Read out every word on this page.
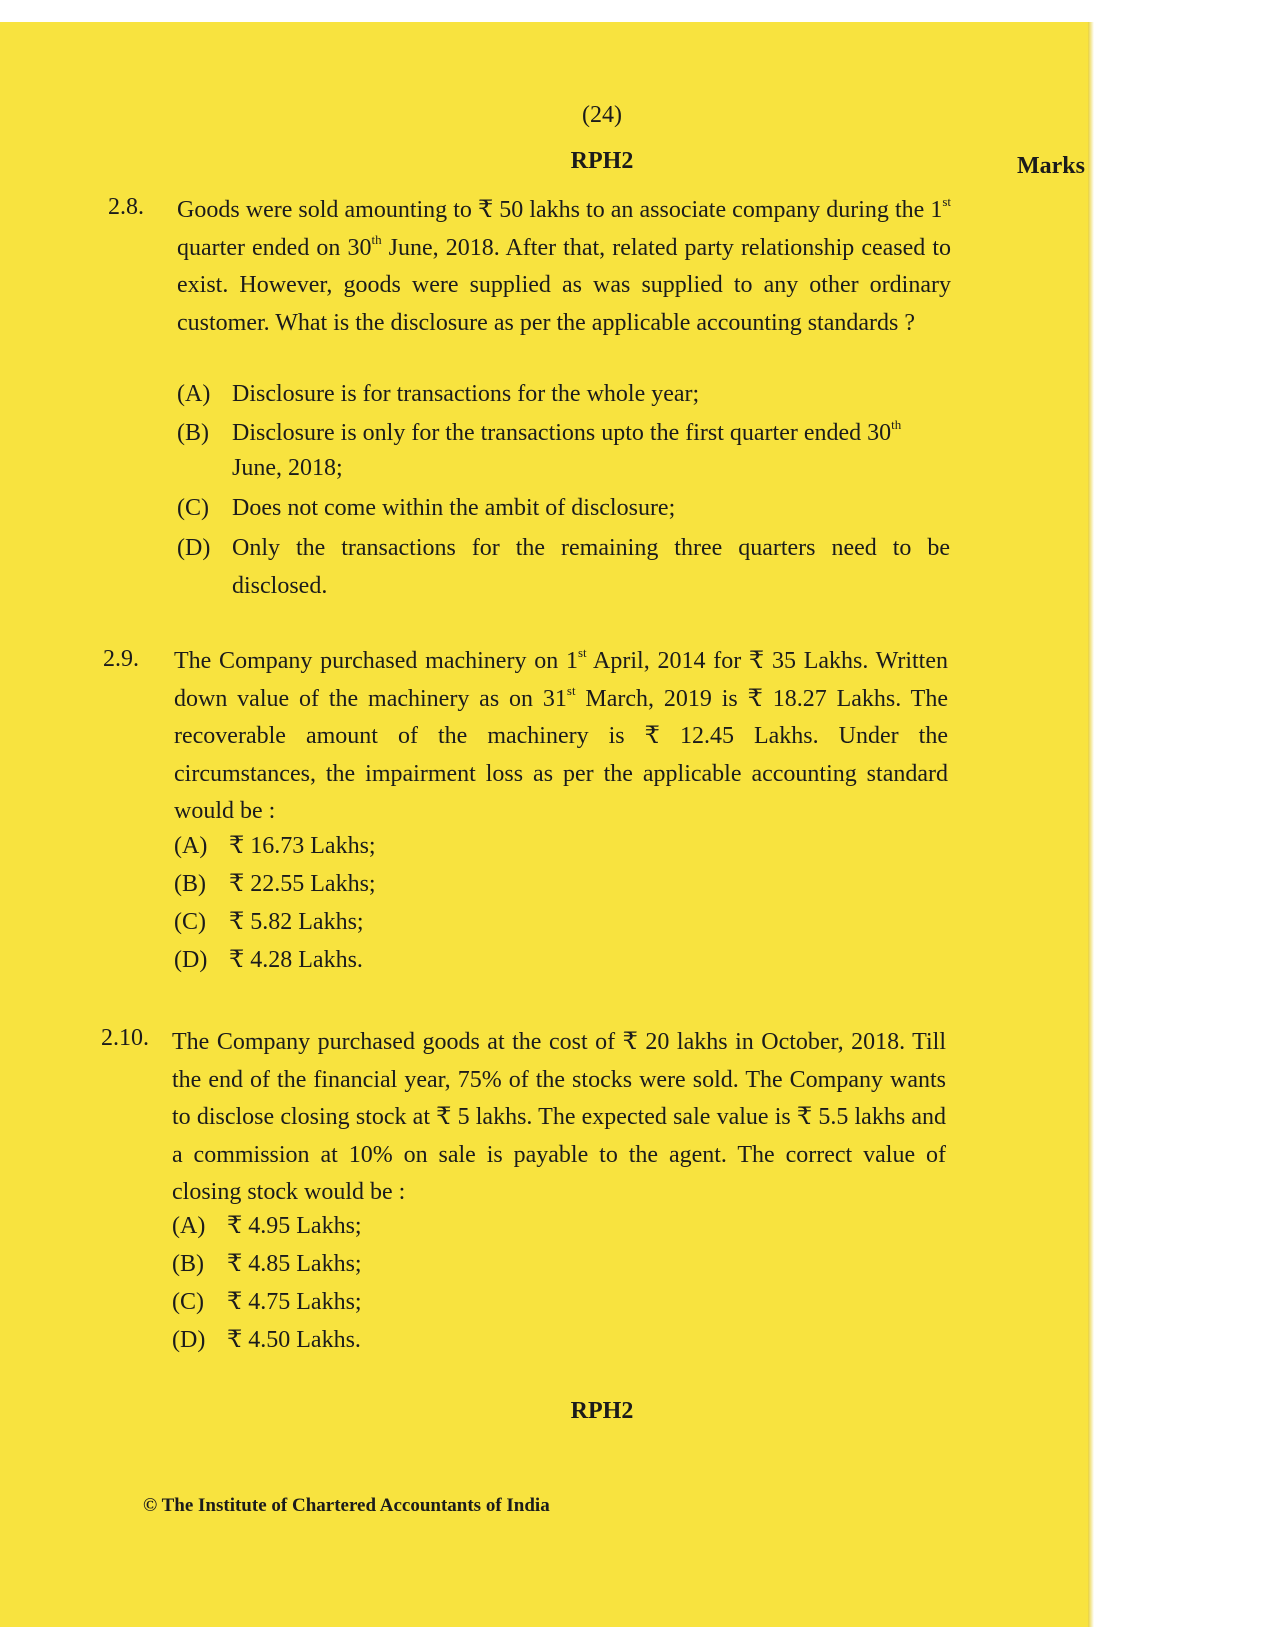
(24)
RPH2	Marks
2.8. Goods were sold amounting to ₹ 50 lakhs to an associate company during the 1st quarter ended on 30th June, 2018. After that, related party relationship ceased to exist. However, goods were supplied as was supplied to any other ordinary customer. What is the disclosure as per the applicable accounting standards ?
(A) Disclosure is for transactions for the whole year;
(B) Disclosure is only for the transactions upto the first quarter ended 30th
June, 2018;
(C) Does not come within the ambit of disclosure;
(D) Only the transactions for the remaining three quarters need to be disclosed.
2.9. The Company purchased machinery on 1st April, 2014 for ₹ 35 Lakhs. Written down value of the machinery as on 31st March, 2019 is ₹ 18.27 Lakhs. The recoverable amount of the machinery is ₹ 12.45 Lakhs. Under the circumstances, the impairment loss as per the applicable accounting standard would be :
(A) ₹ 16.73 Lakhs;
(B) ₹ 22.55 Lakhs;
(C) ₹ 5.82 Lakhs;
(D) ₹ 4.28 Lakhs.
2.10. The Company purchased goods at the cost of ₹ 20 lakhs in October, 2018. Till the end of the financial year, 75% of the stocks were sold. The Company wants to disclose closing stock at ₹ 5 lakhs. The expected sale value is ₹ 5.5 lakhs and a commission at 10% on sale is payable to the agent. The correct value of closing stock would be :
(A) ₹ 4.95 Lakhs;
(B) ₹ 4.85 Lakhs;
(C) ₹ 4.75 Lakhs;
(D) ₹ 4.50 Lakhs.
RPH2
© The Institute of Chartered Accountants of India
